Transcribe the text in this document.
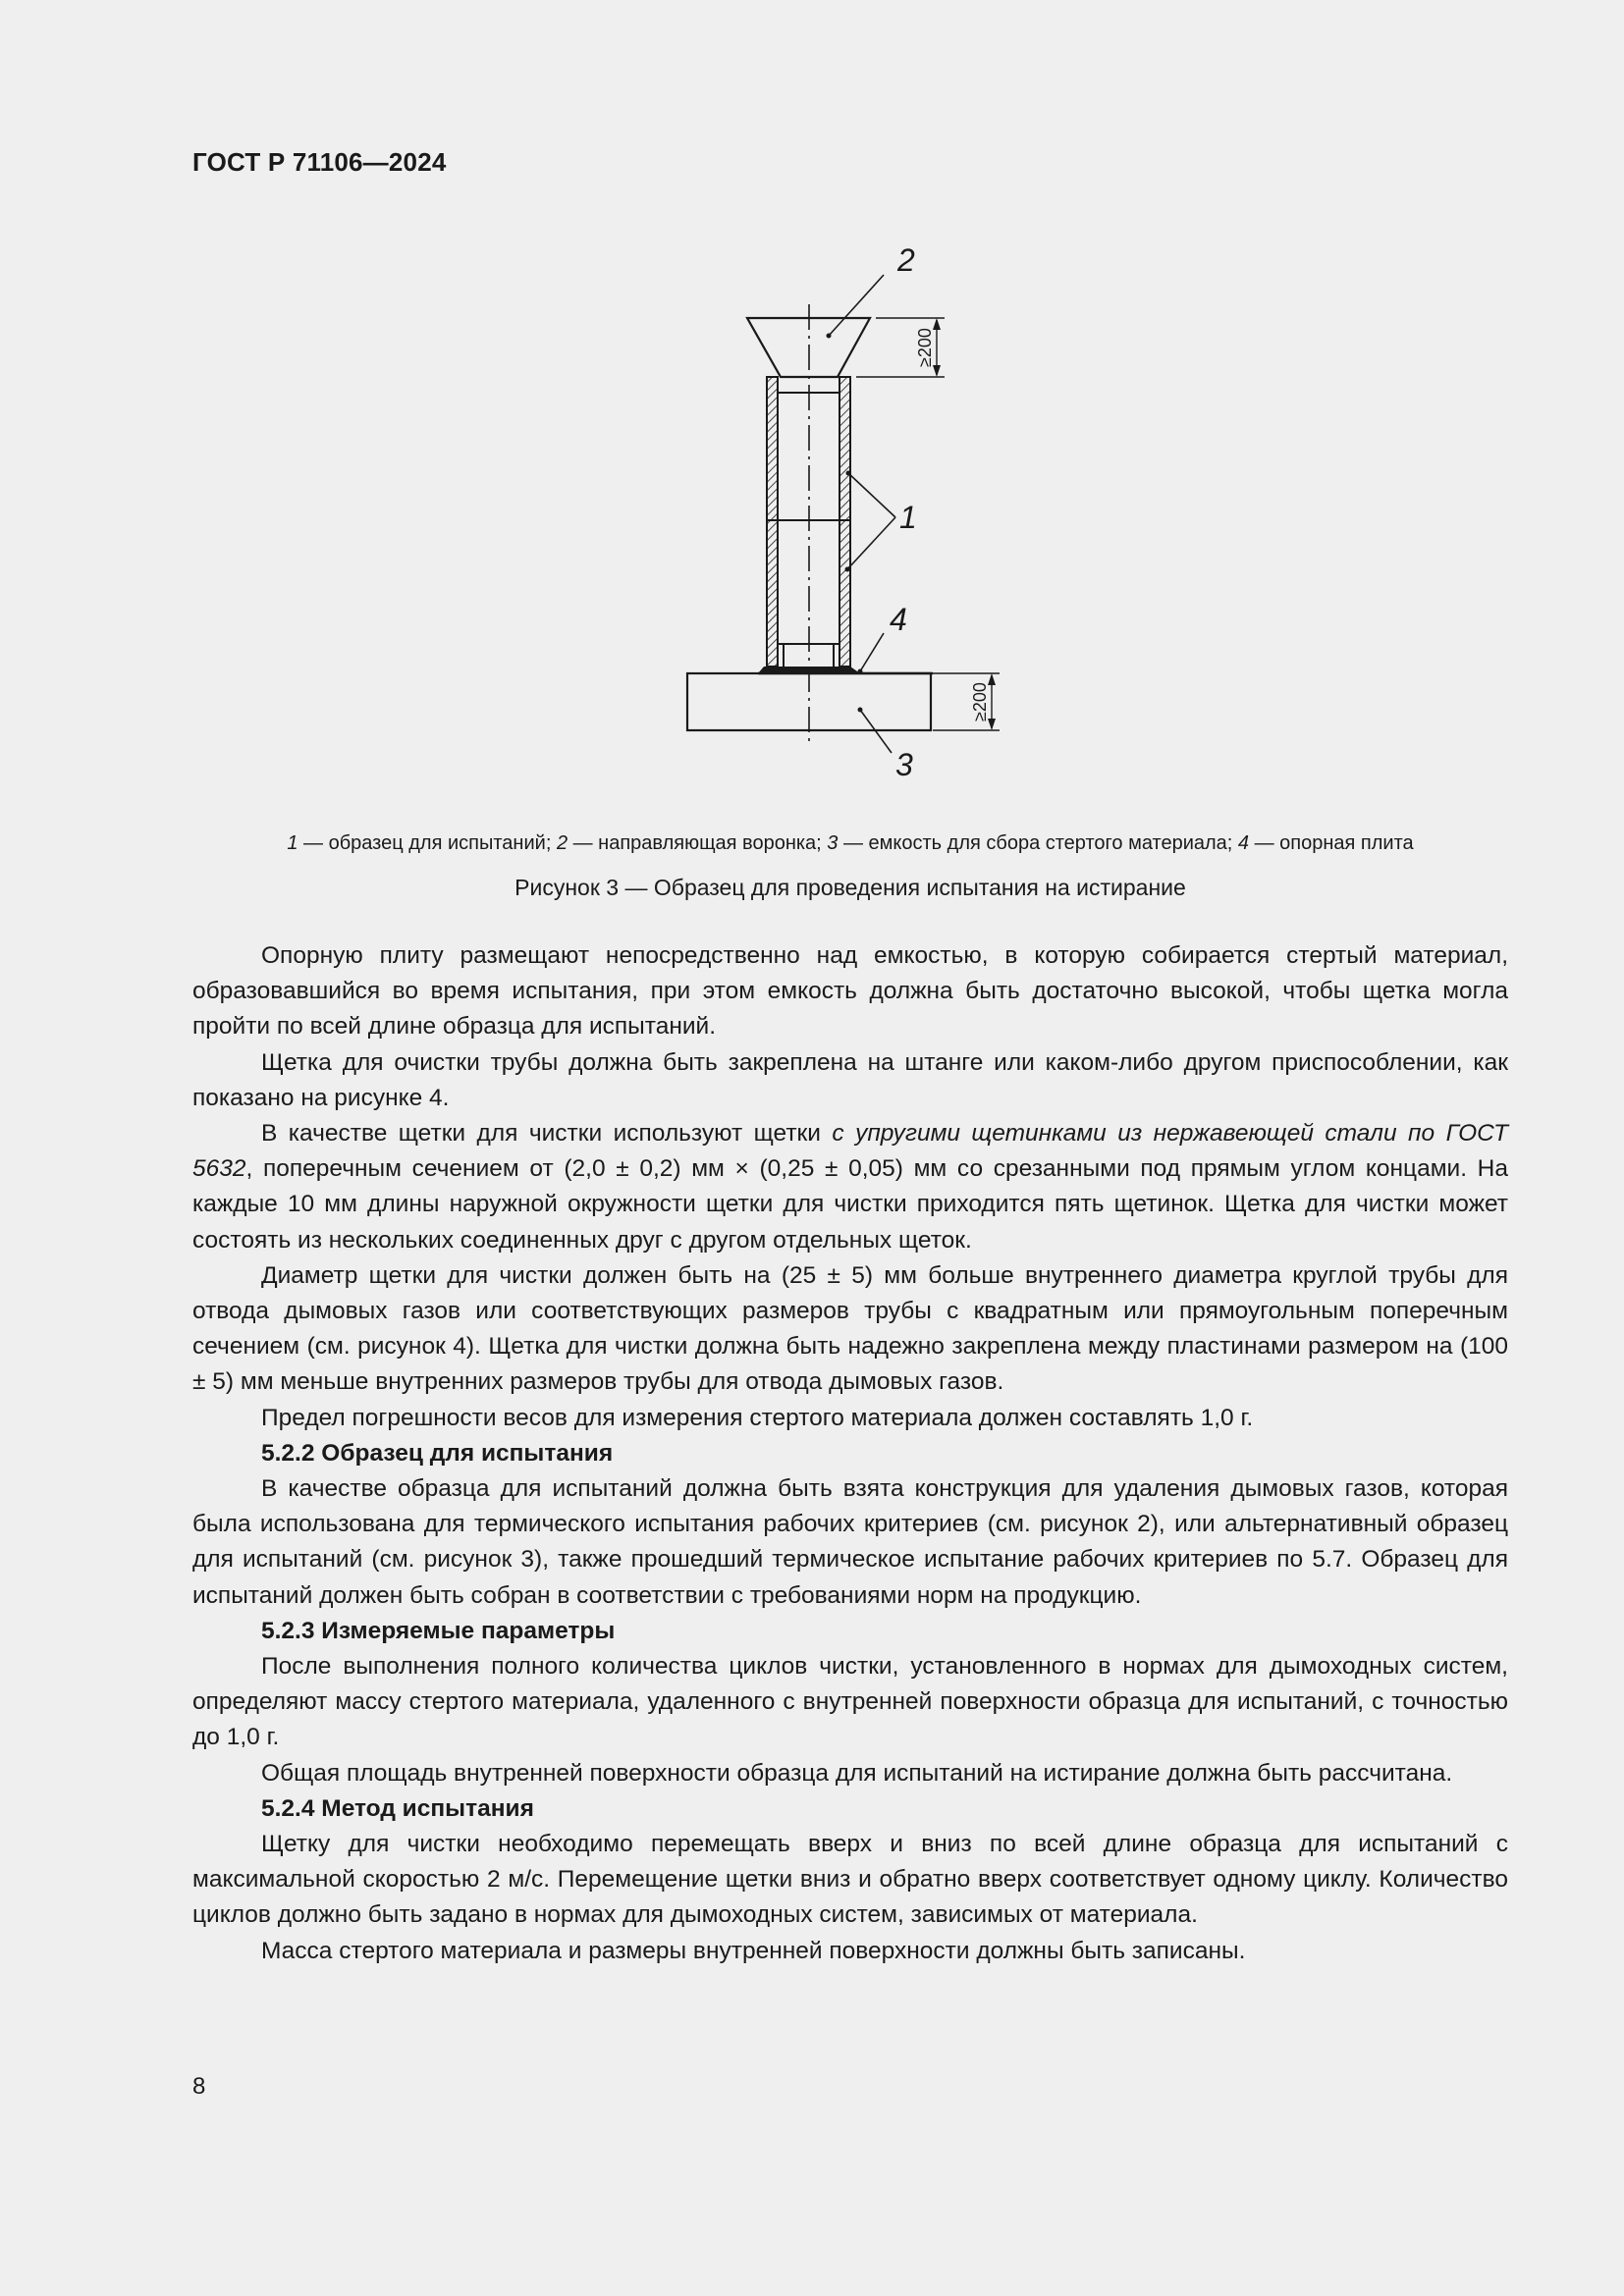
ГОСТ Р 71106—2024
≥200
≥200
2
1
4
3
1 — образец для испытаний; 2 — направляющая воронка; 3 — емкость для сбора стертого материала; 4 — опорная плита
Рисунок 3 — Образец для проведения испытания на истирание

Опорную плиту размещают непосредственно над емкостью, в которую собирается стертый материал, образовавшийся во время испытания, при этом емкость должна быть достаточно высокой, чтобы щетка могла пройти по всей длине образца для испытаний.

Щетка для очистки трубы должна быть закреплена на штанге или каком-либо другом приспособлении, как показано на рисунке 4.

В качестве щетки для чистки используют щетки с упругими щетинками из нержавеющей стали по ГОСТ 5632, поперечным сечением от (2,0 ± 0,2) мм × (0,25 ± 0,05) мм со срезанными под прямым углом концами. На каждые 10 мм длины наружной окружности щетки для чистки приходится пять щетинок. Щетка для чистки может состоять из нескольких соединенных друг с другом отдельных щеток.

Диаметр щетки для чистки должен быть на (25 ± 5) мм больше внутреннего диаметра круглой трубы для отвода дымовых газов или соответствующих размеров трубы с квадратным или прямоугольным поперечным сечением (см. рисунок 4). Щетка для чистки должна быть надежно закреплена между пластинами размером на (100 ± 5) мм меньше внутренних размеров трубы для отвода дымовых газов.

Предел погрешности весов для измерения стертого материала должен составлять 1,0 г.

5.2.2 Образец для испытания

В качестве образца для испытаний должна быть взята конструкция для удаления дымовых газов, которая была использована для термического испытания рабочих критериев (см. рисунок 2), или альтернативный образец для испытаний (см. рисунок 3), также прошедший термическое испытание рабочих критериев по 5.7. Образец для испытаний должен быть собран в соответствии с требованиями норм на продукцию.

5.2.3 Измеряемые параметры

После выполнения полного количества циклов чистки, установленного в нормах для дымоходных систем, определяют массу стертого материала, удаленного с внутренней поверхности образца для испытаний, с точностью до 1,0 г.

Общая площадь внутренней поверхности образца для испытаний на истирание должна быть рассчитана.

5.2.4 Метод испытания

Щетку для чистки необходимо перемещать вверх и вниз по всей длине образца для испытаний с максимальной скоростью 2 м/с. Перемещение щетки вниз и обратно вверх соответствует одному циклу. Количество циклов должно быть задано в нормах для дымоходных систем, зависимых от материала.

Масса стертого материала и размеры внутренней поверхности должны быть записаны.

8
